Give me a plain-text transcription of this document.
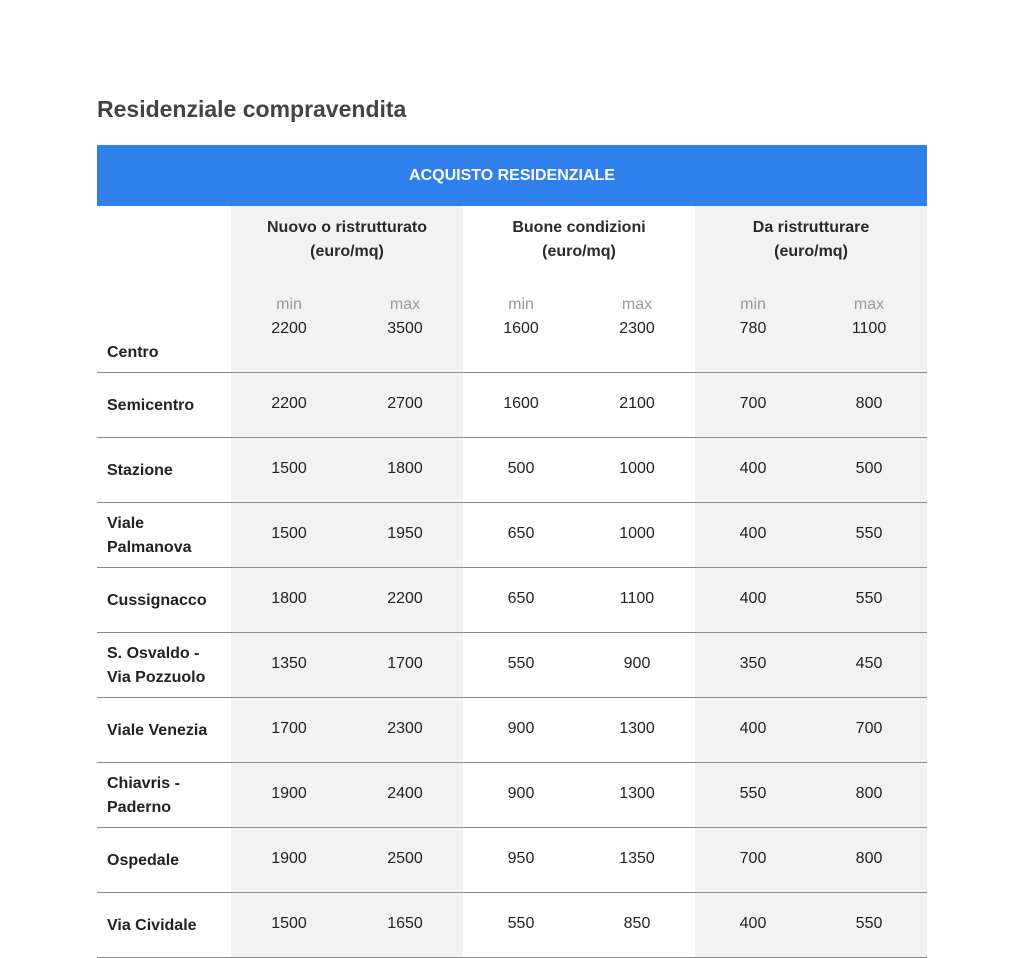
Residenziale compravendita
ACQUISTO RESIDENZIALE
	Nuovo o ristrutturato
(euro/mq)		Buone condizioni
(euro/mq)		Da ristrutturare
(euro/mq)	
	min	max	min	max	min	max

Centro	2200	3500	1600	2300	780	1100

Semicentro	2200	2700	1600	2100	700	800

Stazione	1500	1800	500	1000	400	500

Viale
Palmanova	1500	1950	650	1000	400	550

Cussignacco	1800	2200	650	1100	400	550

S. Osvaldo -
Via Pozzuolo	1350	1700	550	900	350	450

Viale Venezia	1700	2300	900	1300	400	700

Chiavris -
Paderno	1900	2400	900	1300	550	800

Ospedale	1900	2500	950	1350	700	800

Via Cividale	1500	1650	550	850	400	550
